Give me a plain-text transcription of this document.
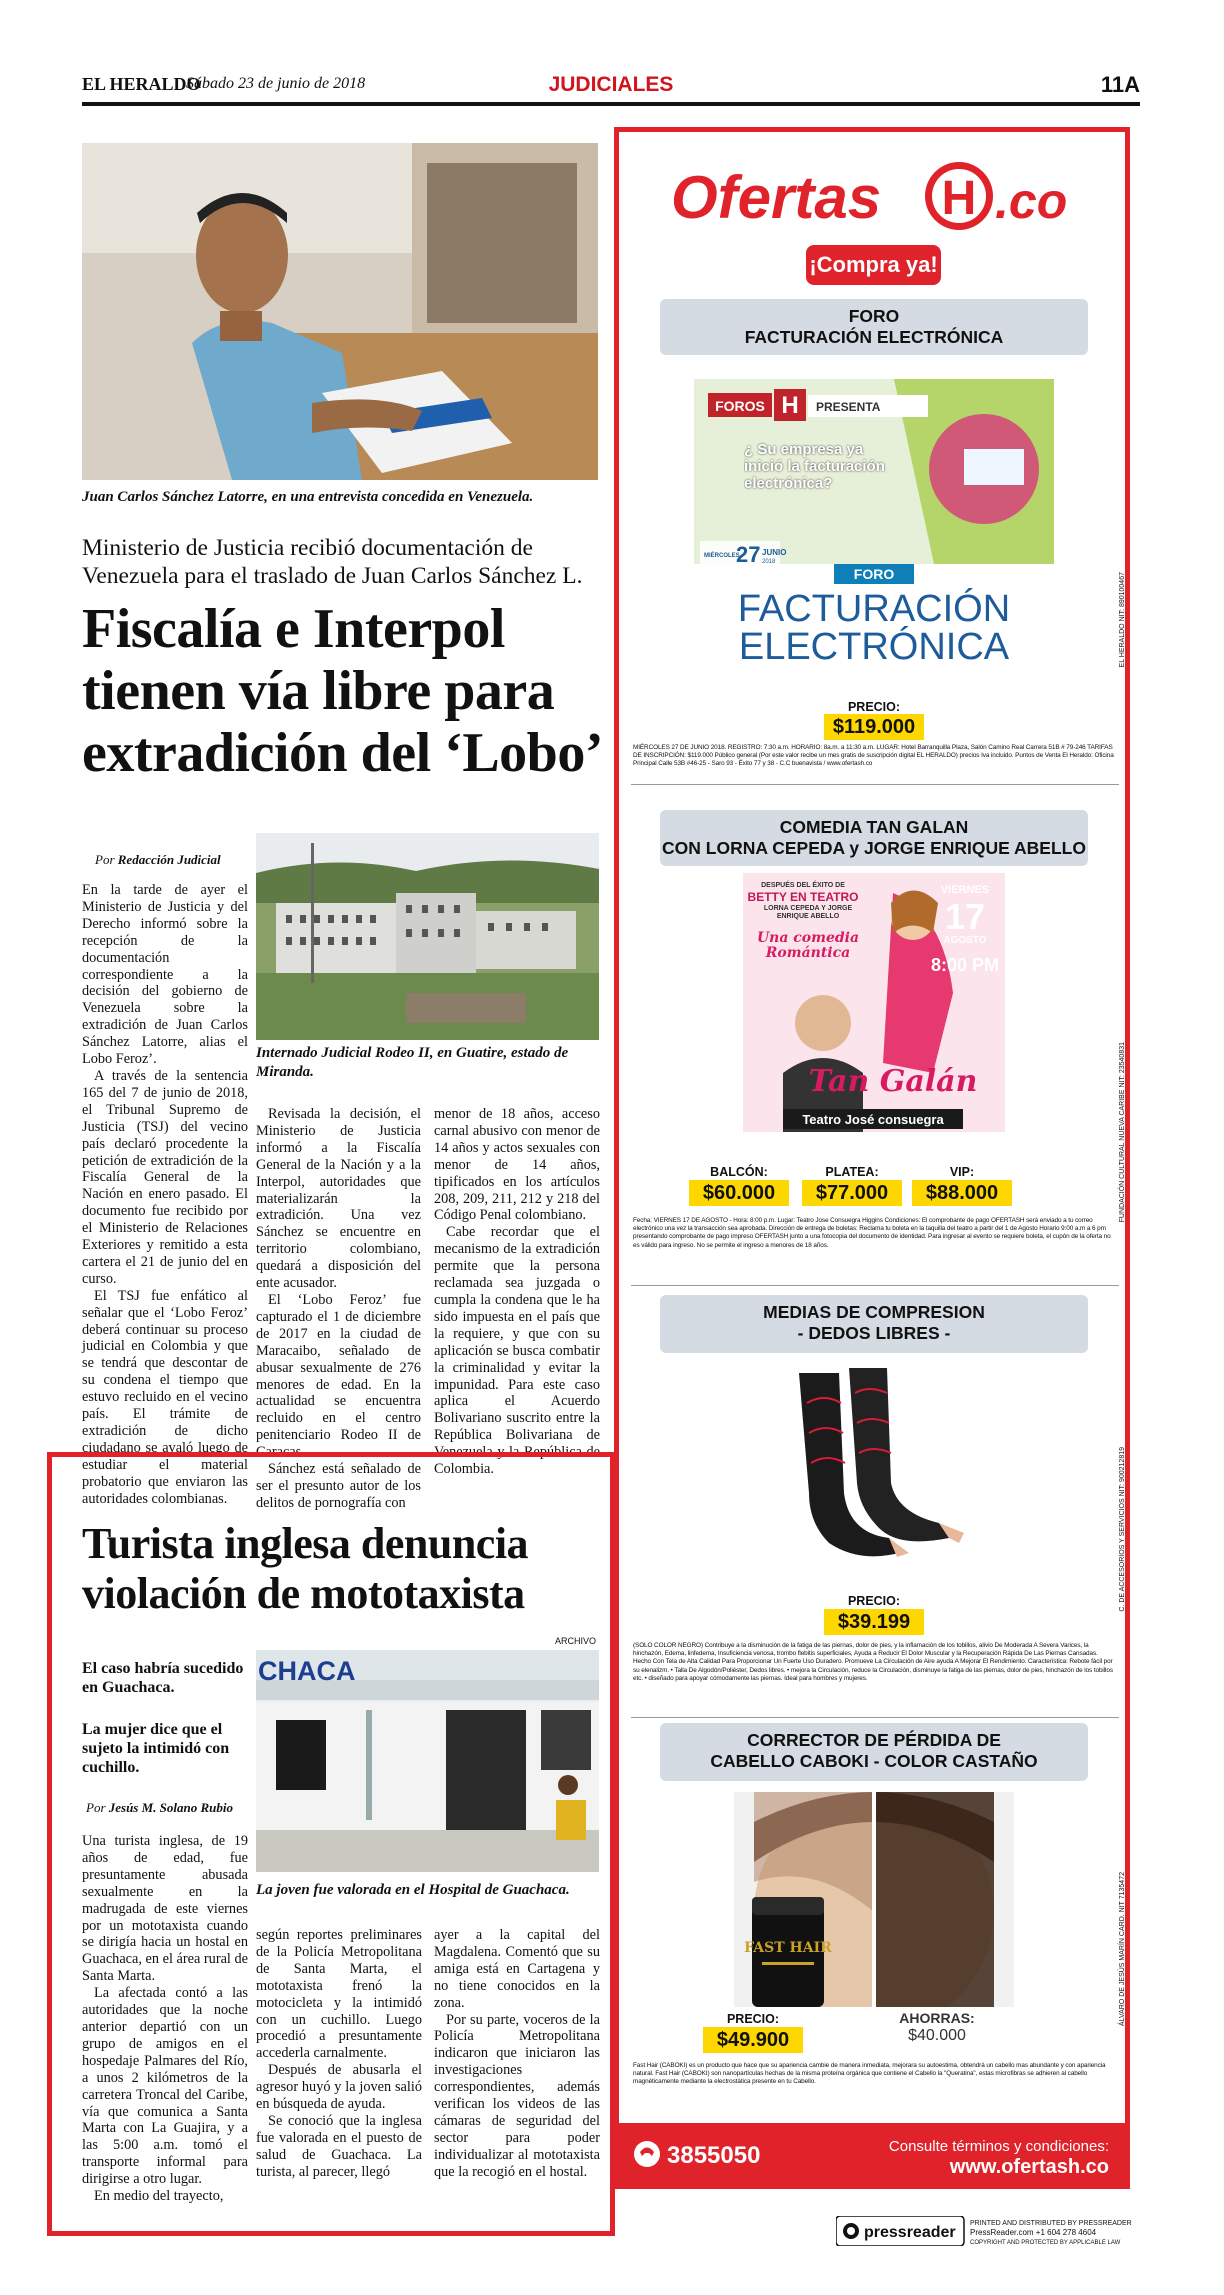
EL HERALDO
Sábado 23 de junio de 2018	JUDICIALES	11A
Juan Carlos Sánchez Latorre, en una entrevista concedida en Venezuela.
Ministerio de Justicia recibió documentación de Venezuela para el traslado de Juan Carlos Sánchez L.
Fiscalía e Interpol tienen vía libre para extradición del ‘Lobo’
Por Redacción Judicial

En la tarde de ayer el Ministerio de Justicia y del Derecho informó sobre la recepción de la documentación correspondiente a la decisión del gobierno de Venezuela sobre la extradición de Juan Carlos Sánchez Latorre, alias el Lobo Feroz’.

A través de la sentencia 165 del 7 de junio de 2018, el Tribunal Supremo de Justicia (TSJ) del vecino país declaró procedente la petición de extradición de la Fiscalía General de la Nación en enero pasado. El documento fue recibido por el Ministerio de Relaciones Exteriores y remitido a esta cartera el 21 de junio del en curso.

El TSJ fue enfático al señalar que el ‘Lobo Feroz’ deberá continuar su proceso judicial en Colombia y que se tendrá que descontar de su condena el tiempo que estuvo recluido en el vecino país. El trámite de extradición de dicho ciudadano se avaló luego de estudiar el material probatorio que enviaron las autoridades colombianas.

Internado Judicial Rodeo II, en Guatire, estado de Miranda.

Revisada la decisión, el Ministerio de Justicia informó a la Fiscalía General de la Nación y a la Interpol, autoridades que materializarán la extradición. Una vez Sánchez se encuentre en territorio colombiano, quedará a disposición del ente acusador.

El ‘Lobo Feroz’ fue capturado el 1 de diciembre de 2017 en la ciudad de Maracaibo, señalado de abusar sexualmente de 276 menores de edad. En la actualidad se encuentra recluido en el centro penitenciario Rodeo II de Caracas.

Sánchez está señalado de ser el presunto autor de los delitos de pornografía con

menor de 18 años, acceso carnal abusivo con menor de 14 años y actos sexuales con menor de 14 años, tipificados en los artículos 208, 209, 211, 212 y 218 del Código Penal colombiano.

Cabe recordar que el mecanismo de la extradición permite que la persona reclamada sea juzgada o cumpla la condena que le ha sido impuesta en el país que la requiere, y que con su aplicación se busca combatir la criminalidad y evitar la impunidad. Para este caso aplica el Acuerdo Bolivariano suscrito entre la República Bolivariana de Venezuela y la República de Colombia.

Turista inglesa denuncia violación de mototaxista
ARCHIVO
El caso habría sucedido en Guachaca.
La mujer dice que el sujeto la intimidó con cuchillo.
Por Jesús M. Solano Rubio
CHACA
La joven fue valorada en el Hospital de Guachaca.

Una turista inglesa, de 19 años de edad, fue presuntamente abusada sexualmente en la madrugada de este viernes por un mototaxista cuando se dirigía hacia un hostal en Guachaca, en el área rural de Santa Marta.

La afectada contó a las autoridades que la noche anterior departió con un grupo de amigos en el hospedaje Palmares del Río, a unos 2 kilómetros de la carretera Troncal del Caribe, vía que comunica a Santa Marta con La Guajira, y a las 5:00 a.m. tomó el transporte informal para dirigirse a otro lugar.

En medio del trayecto,

según reportes preliminares de la Policía Metropolitana de Santa Marta, el mototaxista frenó la motocicleta y la intimidó con un cuchillo. Luego procedió a presuntamente accederla carnalmente.

Después de abusarla el agresor huyó y la joven salió en búsqueda de ayuda.

Se conoció que la inglesa fue valorada en el puesto de salud de Guachaca. La turista, al parecer, llegó

ayer a la capital del Magdalena. Comentó que su amiga está en Cartagena y no tiene conocidos en la zona.

Por su parte, voceros de la Policía Metropolitana indicaron que iniciaron las investigaciones correspondientes, además verifican los videos de las cámaras de seguridad del sector para poder individualizar al mototaxista que la recogió en el hostal.

Ofertas H .co
¡Compra ya!
FORO
FACTURACIÓN ELECTRÓNICA
FOROS H PRESENTA
¿ Su empresa ya inició la facturación electrónica?
MIÉRCOLES
27 JUNIO
2018
FORO
FACTURACIÓN
ELECTRÓNICA
PRECIO:
$119.000
MIÉRCOLES 27 DE JUNIO 2018. REGISTRO: 7:30 a.m. HORARIO: 8a.m. a 11:30 a.m. LUGAR: Hotel Barranquilla Plaza, Salón Camino Real Carrera 51B # 79-246 TARIFAS DE INSCRIPCIÓN: $119.000 Público general (Por este valor recibe un mes gratis de suscripción digital EL HERALDO) precios Iva incluido. Puntos de Venta El Heraldo: Oficina Principal Calle 53B #46-25 - Saro 93 - Éxito 77 y 38 - C.C buenavista / www.ofertash.co
EL HERALDO NIT: 890100467
COMEDIA TAN GALAN
CON LORNA CEPEDA y JORGE ENRIQUE ABELLO
DESPUÉS DEL ÉXITO DE
BETTY EN TEATRO
LORNA CEPEDA Y JORGE ENRIQUE ABELLO
Una comedia Romántica
VIERNES
17
AGOSTO
8:00 PM
Tan Galán
Teatro José consuegra
BALCÓN:	PLATEA:	VIP:
$60.000	$77.000	$88.000
Fecha: VIERNES 17 DE AGOSTO - Hora: 8:00 p.m. Lugar: Teatro Jose Consuegra Higgins Condiciones: El comprobante de pago OFERTASH será enviado a tu correo electrónico una vez la transacción sea aprobada. Dirección de entrega de boletas: Reclama tu boleta en la taquilla del teatro a partir del 1 de Agosto Horario 9:00 a.m a 6 pm presentando comprobante de pago impreso OFERTASH junto a una fotocopia del documento de identidad. Para ingresar al evento se requiere boleta, el cupón de la oferta no es válido para ingreso. No se permite el ingreso a menores de 18 años.
FUNDACIÓN CULTURAL NUEVA CARIBE NIT: 23540831
MEDIAS DE COMPRESION
- DEDOS LIBRES -
PRECIO:
$39.199
(SOLO COLOR NEGRO) Contribuye a la disminución de la fatiga de las piernas, dolor de pies, y la inflamación de los tobillos, alivio De Moderada A Severa Varices, la hinchazón, Edema, linfedema, Insuficiencia venosa, trombo flebitis superficiales, Ayuda a Reducir El Dolor Muscular y la Recuperación Rápida De Las Piernas Cansadas. Hecho Con Tela de Alta Calidad Para Proporcionar Un Fuerte Uso Duradero. Promueve La Circulación de Aire ayuda A Mejorar El Rendimiento. Característica: Rebote fácil por su elenalizm. • Talla De Algodón/Poliéster, Dedos libres. • mejora la Circulación, reduce la Circulación, disminuye la fatiga de las piernas, dolor de pies, hinchazón de los tobillos etc. • diseñado para apoyar cómodamente las piernas. Ideal para hombres y mujeres.
C. DE ACCESORIOS Y SERVICIOS NIT: 900212819
CORRECTOR DE PÉRDIDA DE
CABELLO CABOKI - COLOR CASTAÑO
FAST HAIR
PRECIO:
$49.900
AHORRAS:
$40.000
Fast Hair (CABOKI) es un producto que hace que su apariencia cambie de manera inmediata, mejorara su autoestima, obtendrá un cabello mas abundante y con apariencia natural. Fast Hair (CABOKI) son nanopartículas hechas de la misma proteína orgánica que contiene el Cabello la "Queratina", estas microfibras se adhieren al cabello magnéticamente mediante la electrostática presente en tu Cabello.
ÁLVARO DE JESÚS MARÍN CARD. NIT 7135472
3855050	Consulte términos y condiciones:
www.ofertash.co
pressreader
PRINTED AND DISTRIBUTED BY PRESSREADER
PressReader.com +1 604 278 4604
COPYRIGHT AND PROTECTED BY APPLICABLE LAW
